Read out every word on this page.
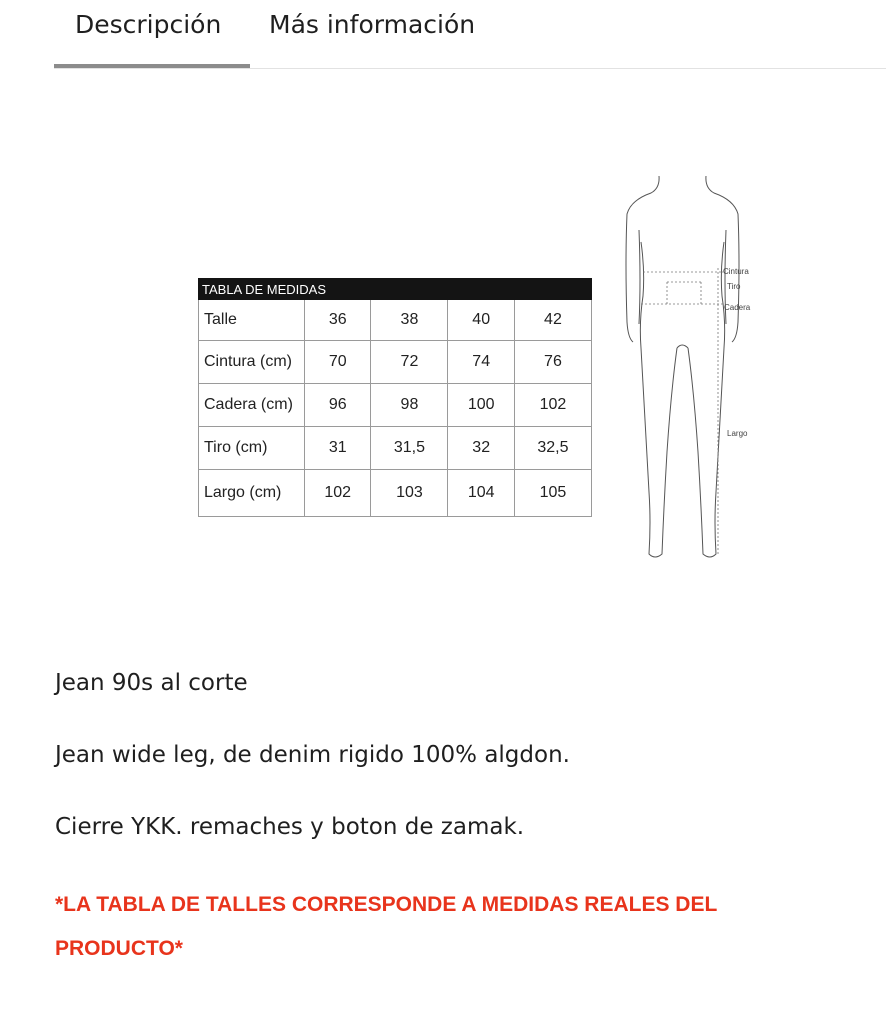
Descripción Más información
TABLA DE MEDIDAS				
Talle	36	38	40	42
Cintura (cm)	70	72	74	76
Cadera (cm)	96	98	100	102
Tiro (cm)	31	31,5	32	32,5
Largo (cm)	102	103	104	105
Cintura
Tiro
Cadera
Largo

Jean 90s al corte

Jean wide leg, de denim rigido 100% algdon.

Cierre YKK. remaches y boton de zamak.

*LA TABLA DE TALLES CORRESPONDE A MEDIDAS REALES DEL PRODUCTO*
